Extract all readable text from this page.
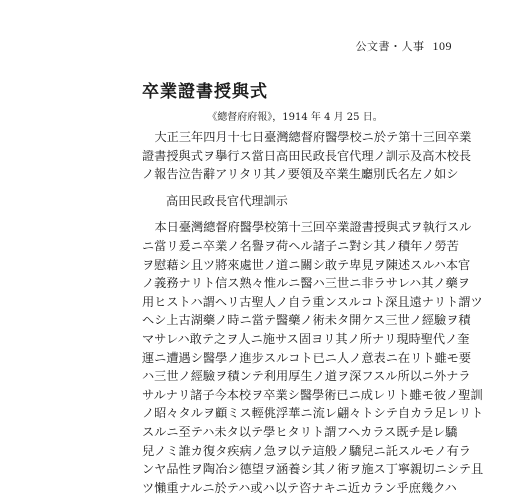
公文書・人事 109
卒業證書授與式
《總督府府報》，1914 年 4 月 25 日。

大正三年四月十七日臺灣總督府醫學校ニ於テ第十三回卒業
證書授與式ヲ擧行ス當日高田民政長官代理ノ訓示及高木校長
ノ報告泣告辭アリタリ其ノ要領及卒業生廳別氏名左ノ如シ

高田民政長官代理訓示

本日臺灣總督府醫學校第十三回卒業證書授與式ヲ執行スル
ニ當リ爰ニ卒業ノ名譽ヲ荷ヘル諸子ニ對シ其ノ積年ノ勞苦
ヲ慰藉シ且ツ將來處世ノ道ニ關シ敢テ卑見ヲ陳述スルハ本官
ノ義務ナリト信ス熟々惟ルニ醫ハ三世ニ非ラサレハ其ノ藥ヲ
用ヒストハ謂ヘリ古聖人ノ自ラ重ンスルコト深且遠ナリト謂ツ
ヘシ上古湖藥ノ時ニ當テ醫藥ノ術未タ開ケス三世ノ經驗ヲ積
マサレハ敢テ之ヲ人ニ施サス固ヨリ其ノ所ナリ現時聖代ノ奎
運ニ遭遇シ醫學ノ進步スルコト已ニ人ノ意表ニ在リト雖モ要
ハ三世ノ經驗ヲ積ンテ利用厚生ノ道ヲ深フスル所以ニ外ナラ
サルナリ諸子今本校ヲ卒業シ醫學術已ニ成レリト雖モ彼ノ聖訓
ノ昭々タルヲ顧ミス輕佻浮華ニ流レ翩々トシテ自カラ足レリト
スルニ至テハ未タ以テ學ヒタリト謂フヘカラス既チ是レ驕
兒ノミ誰カ復タ疾病ノ急ヲ以テ這般ノ驕兒ニ託スルモノ有ラ
ンヤ品性ヲ陶冶シ德望ヲ涵養シ其ノ術ヲ施ス丁寧親切ニシテ且
ツ懶重ナルニ於テハ或ハ以テ咨ナキニ近カラン乎庶幾クハ
